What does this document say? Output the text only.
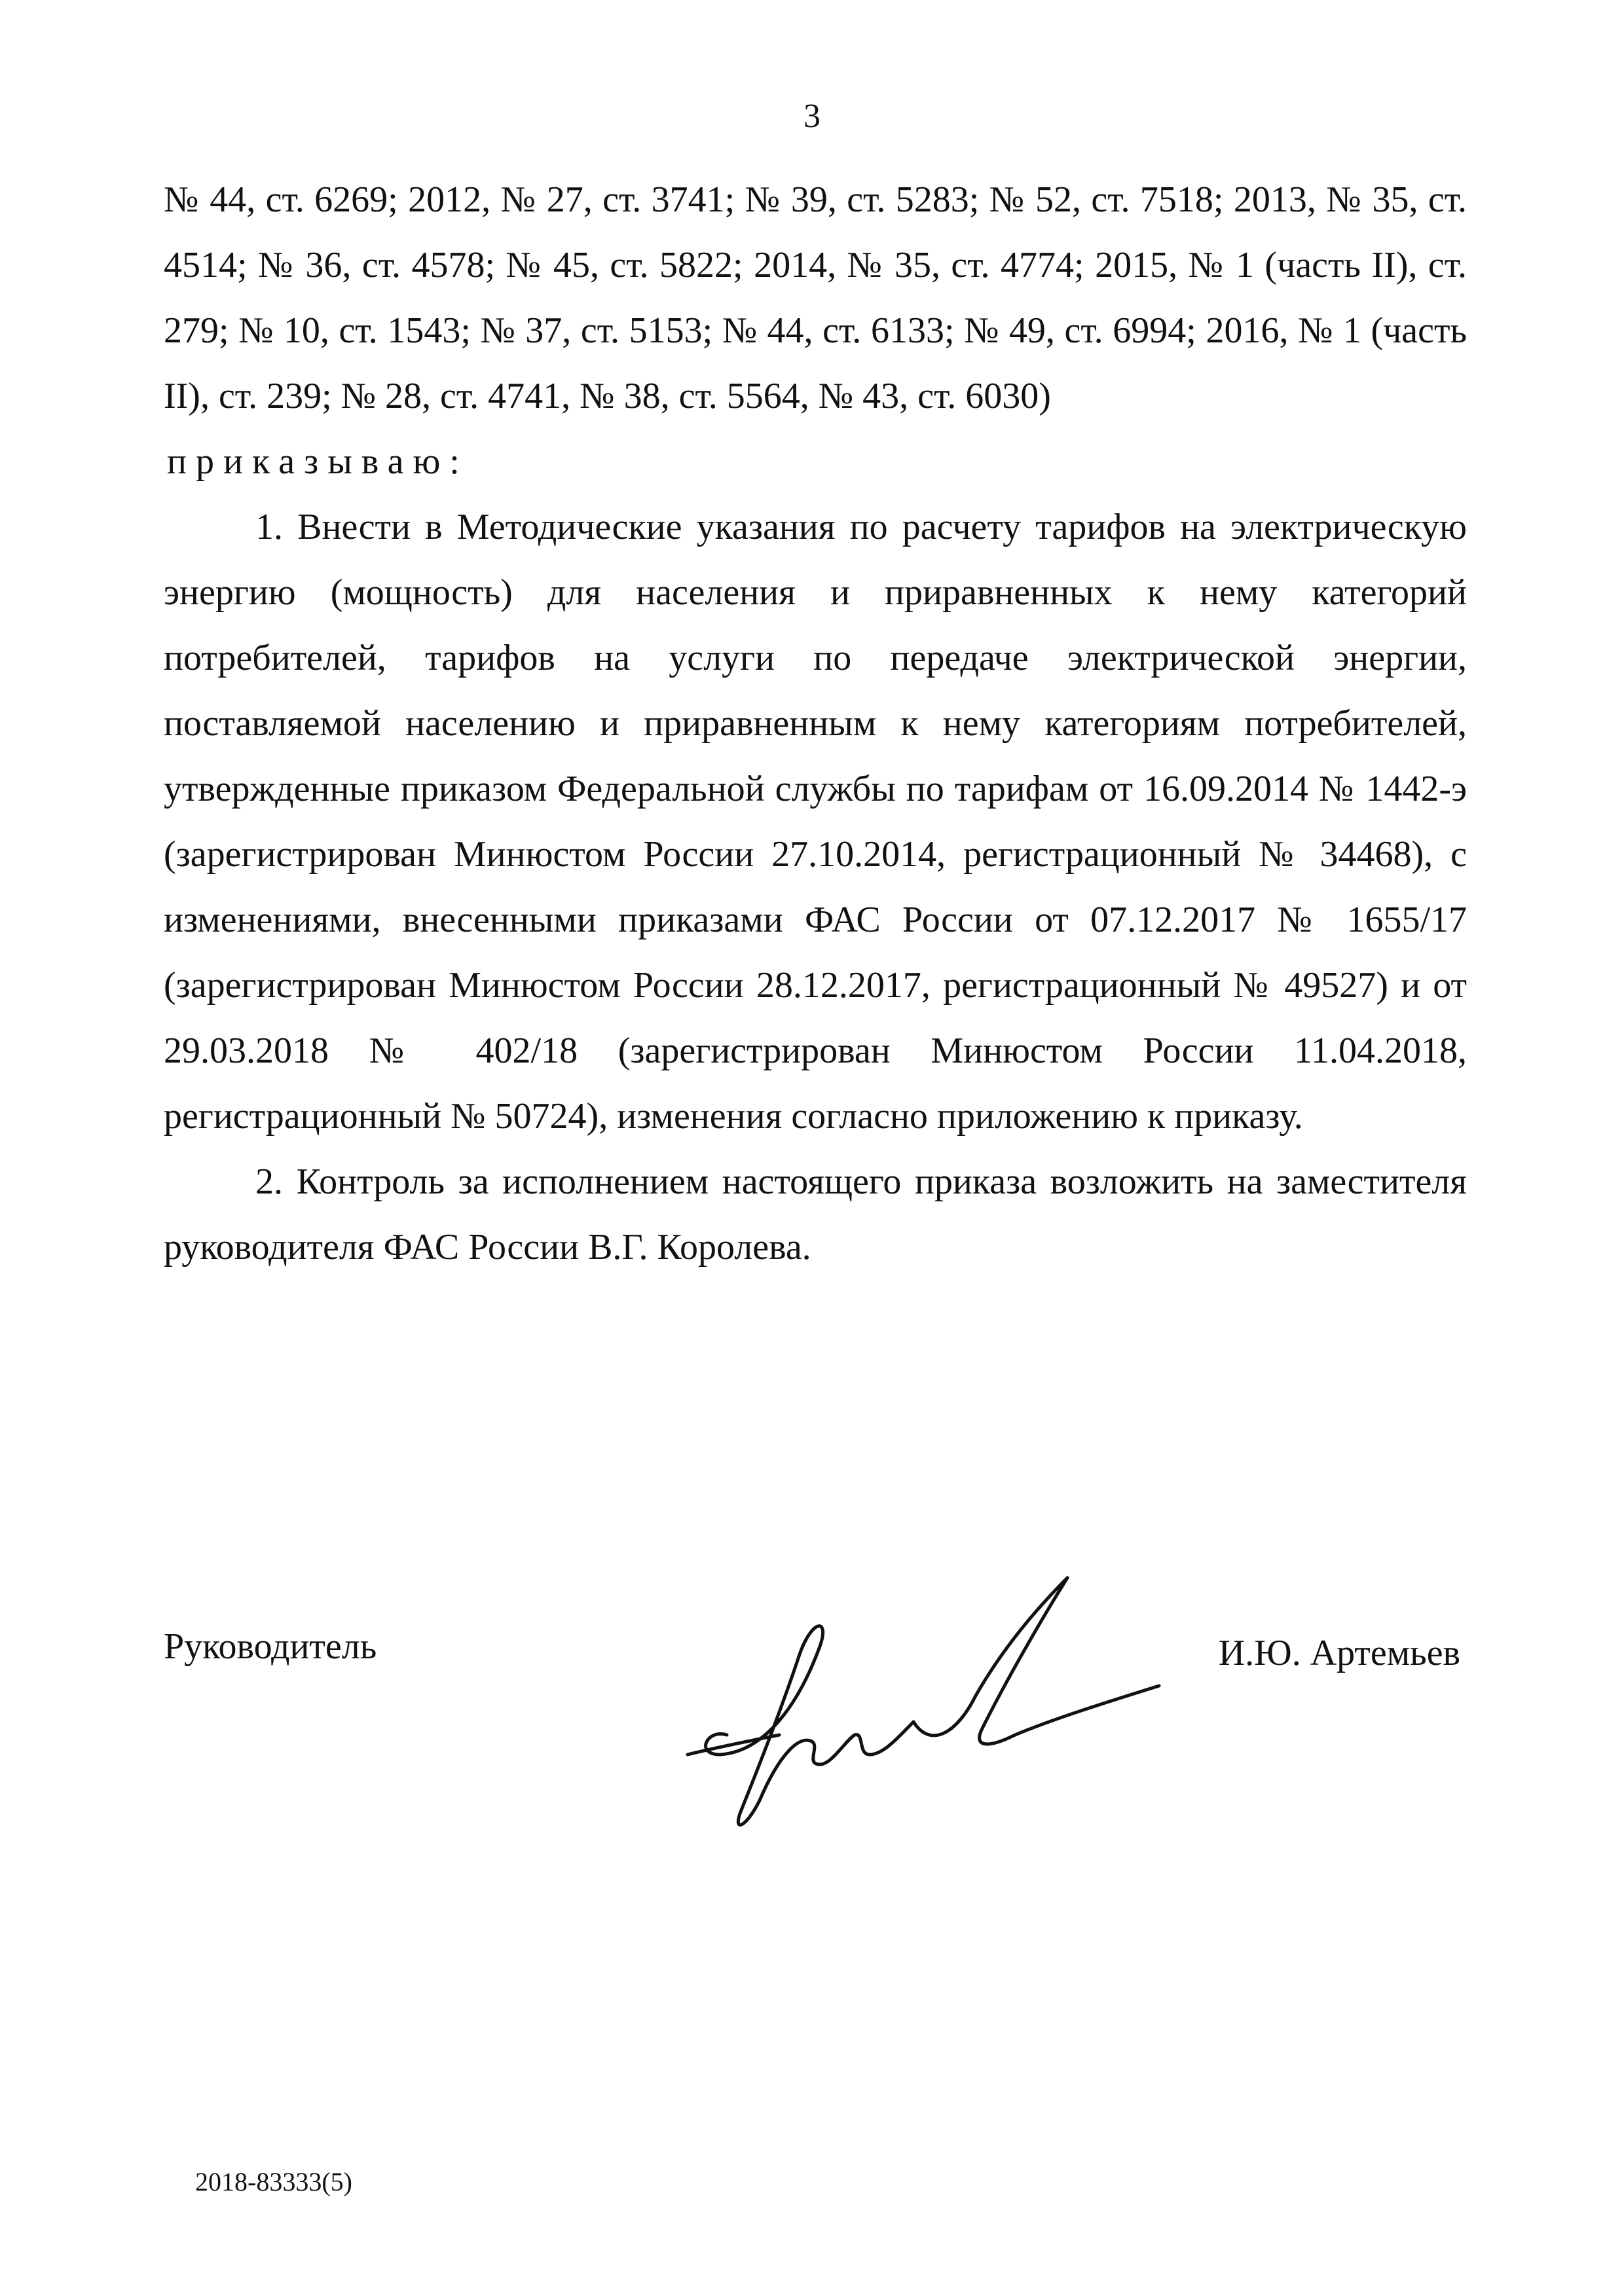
3

№ 44, ст. 6269; 2012, № 27, ст. 3741; № 39, ст. 5283; № 52, ст. 7518; 2013, № 35, ст. 4514; № 36, ст. 4578; № 45, ст. 5822; 2014, № 35, ст. 4774; 2015, № 1 (часть II), ст. 279; № 10, ст. 1543; № 37, ст. 5153; № 44, ст. 6133; № 49, ст. 6994; 2016, № 1 (часть II), ст. 239; № 28, ст. 4741, № 38, ст. 5564, № 43, ст. 6030)

приказываю:

1. Внести в Методические указания по расчету тарифов на электрическую энергию (мощность) для населения и приравненных к нему категорий потребителей, тарифов на услуги по передаче электрической энергии, поставляемой населению и приравненным к нему категориям потребителей, утвержденные приказом Федеральной службы по тарифам от 16.09.2014 № 1442-э (зарегистрирован Минюстом России 27.10.2014, регистрационный № 34468), с изменениями, внесенными приказами ФАС России от 07.12.2017 № 1655/17 (зарегистрирован Минюстом России 28.12.2017, регистрационный № 49527) и от 29.03.2018 № 402/18 (зарегистрирован Минюстом России 11.04.2018, регистрационный № 50724), изменения согласно приложению к приказу.

2. Контроль за исполнением настоящего приказа возложить на заместителя руководителя ФАС России В.Г. Королева.

Руководитель	И.Ю. Артемьев
2018-83333(5)
